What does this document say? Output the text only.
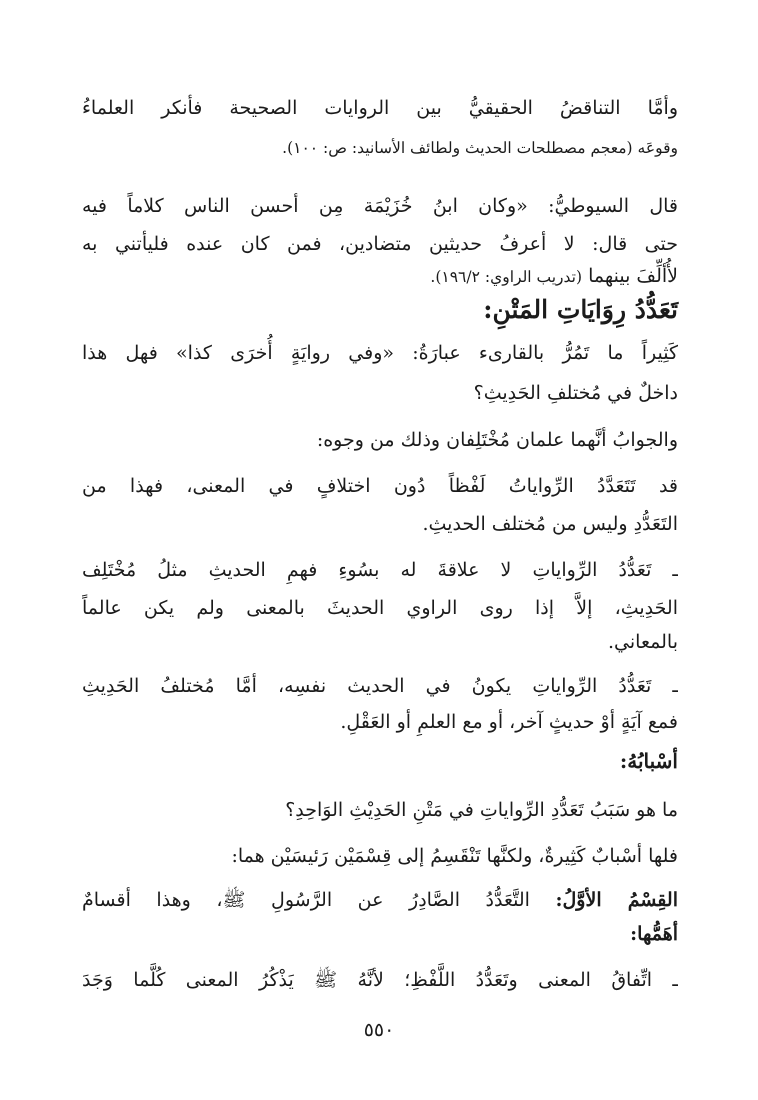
وأمَّا التناقضُ الحقيقيُّ بين الروايات الصحيحة فأنكر العلماءُ
وقوعَه (معجم مصطلحات الحديث ولطائف الأسانيد: ص: ١٠٠).
قال السيوطيُّ: «وكان ابنُ خُزَيْمَة مِن أحسن الناس كلاماً فيه
حتى قال: لا أعرفُ حديثين متضادين، فمن كان عنده فليأتني به
لأُألِّفَ بينهما (تدريب الراوي: ١٩٦/٢).
تَعَدُّدُ رِوَايَاتِ المَتْنِ:
كَثِيراً ما تَمُرُّ بالقارىء عبارَةُ: «وفي روايَةٍ أُخرَى كذا» فهل هذا
داخلٌ في مُختلفِ الحَدِيثِ؟
والجوابُ أنَّهما علمان مُخْتَلِفان وذلك من وجوه:
قد تَتَعَدَّدُ الرِّواياتُ لَفْظاً دُون اختلافٍ في المعنى، فهذا من
التَعَدُّدِ وليس من مُختلف الحديثِ.
ـ تَعَدُّدُ الرِّواياتِ لا علاقةَ له بسُوءِ فهمِ الحديثِ مثلُ مُخْتَلِف
الحَدِيثِ، إلاَّ إذا روى الراوي الحديثَ بالمعنى ولم يكن عالماً
بالمعاني.
ـ تَعَدُّدُ الرِّواياتِ يكونُ في الحديث نفسِه، أمَّا مُختلفُ الحَدِيثِ
فمع آيَةٍ أوْ حديثٍ آخر، أو مع العلمِ أو العَقْلِ.
أسْبابُهُ:
ما هو سَبَبُ تَعَدُّدِ الرِّواياتِ في مَتْنِ الحَدِيْثِ الوَاحِدِ؟
فلها أسْبابٌ كَثِيرةٌ، ولكنَّها تَنْقَسِمُ إلى قِسْمَيْن رَئيسَيْن هما:
القِسْمُ الأوَّلُ: التَّعَدُّدُ الصَّادِرُ عن الرَّسُولِ ﷺ، وهذا أقسامٌ
أهَمُّها:
ـ اتِّفاقُ المعنى وتَعَدُّدُ اللَّفْظِ؛ لأنَّهُ ﷺ يَذْكُرُ المعنى كُلَّما وَجَدَ
٥٥٠
